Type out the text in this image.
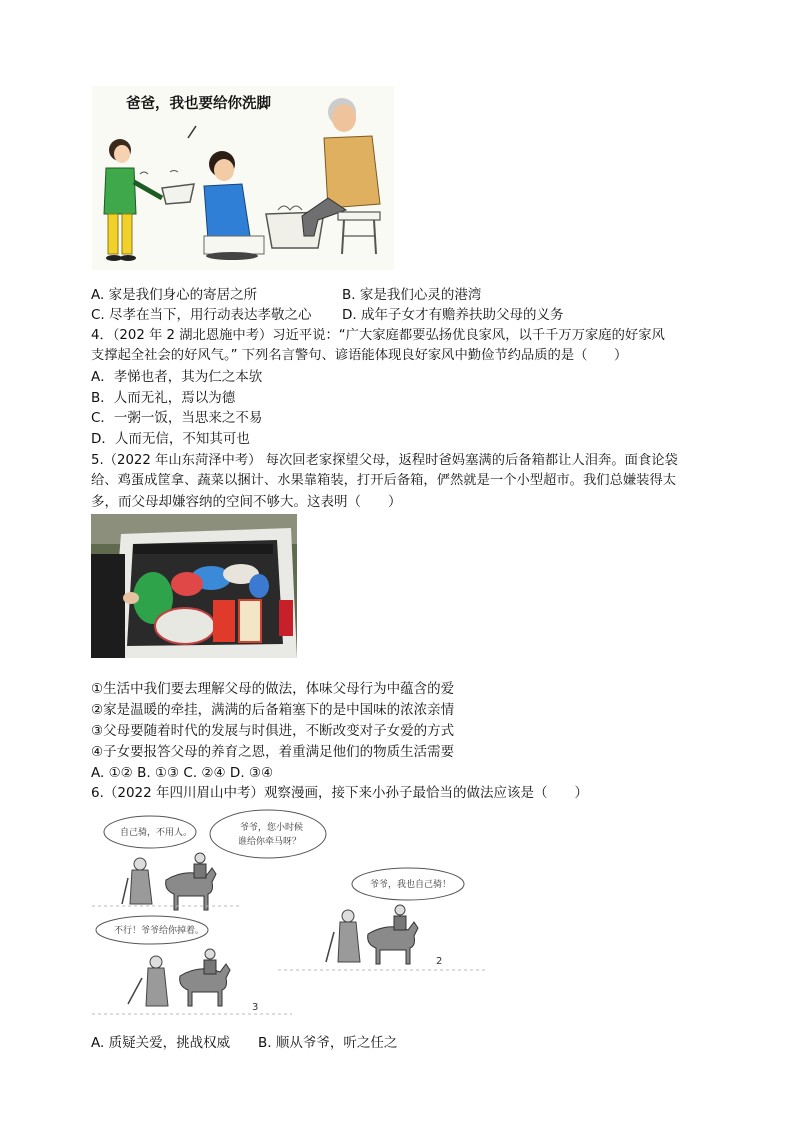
爸爸，我也要给你洗脚
A. 家是我们身心的寄居之所	B. 家是我们心灵的港湾
C. 尽孝在当下，用行动表达孝敬之心 D. 成年子女才有赡养扶助父母的义务
4．（202 年 2 湖北恩施中考）习近平说：“广大家庭都要弘扬优良家风，以千千万万家庭的好家风
支撑起全社会的好风气。” 下列名言警句、谚语能体现良好家风中勤俭节约品质的是（　　）
A．孝悌也者，其为仁之本欤
B．人而无礼，焉以为德
C．一粥一饭，当思来之不易
D．人而无信，不知其可也
5.（2022 年山东菏泽中考） 每次回老家探望父母，返程时爸妈塞满的后备箱都让人泪奔。面食论袋
给、鸡蛋成筐拿、蔬菜以捆计、水果靠箱装，打开后备箱，俨然就是一个小型超市。我们总嫌装得太
多，而父母却嫌容纳的空间不够大。这表明（　　）
①生活中我们要去理解父母的做法，体味父母行为中蕴含的爱
②家是温暖的牵挂，满满的后备箱塞下的是中国味的浓浓亲情
③父母要随着时代的发展与时俱进，不断改变对子女爱的方式
④子女要报答父母的养育之恩，着重满足他们的物质生活需要
A. ①② B. ①③ C. ②④ D. ③④
6.（2022 年四川眉山中考）观察漫画，接下来小孙子最恰当的做法应该是（　　）
自己骑，不用人。	爷爷，您小时候
谁给你牵马呀？
不行！爷爷给你掉着。
爷爷，我也自己骑！
2
3
A. 质疑关爱，挑战权威 B. 顺从爷爷，听之任之
